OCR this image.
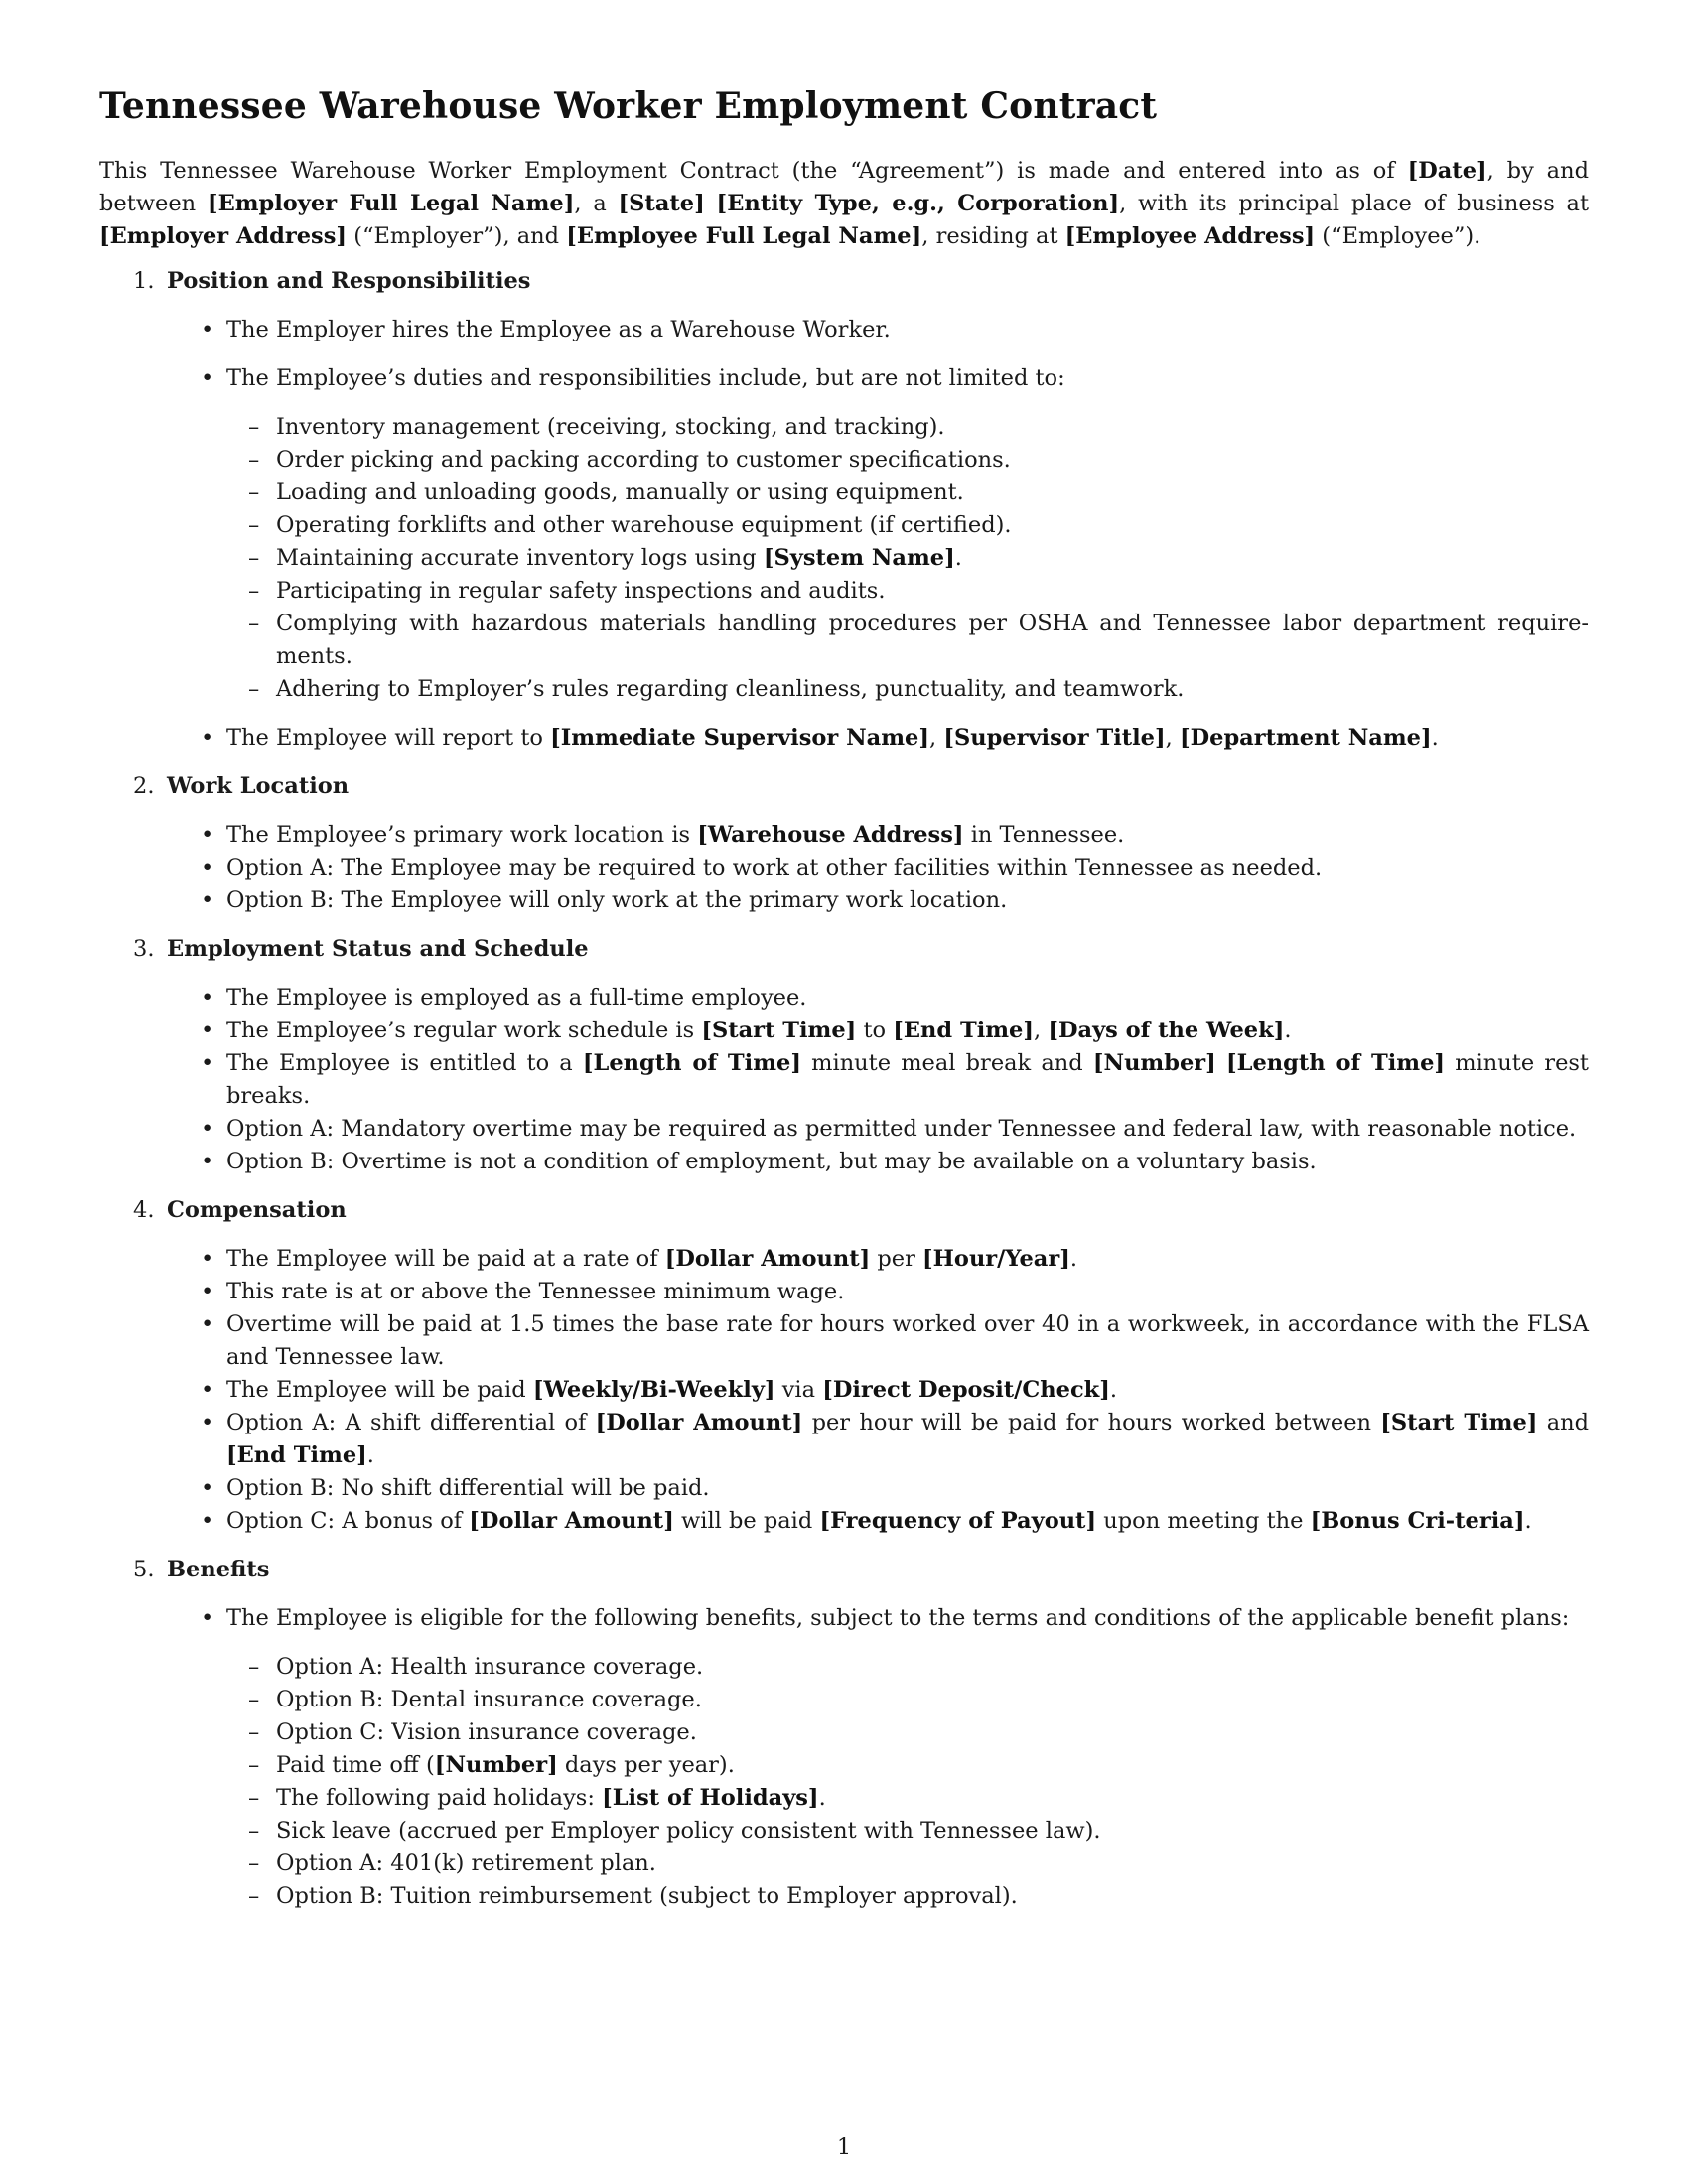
Tennessee Warehouse Worker Employment Contract

This Tennessee Warehouse Worker Employment Contract (the “Agreement”) is made and entered into as of [Date], by and between [Employer Full Legal Name], a [State] [Entity Type, e.g., Corporation], with its principal place of business at [Employer Address] (“Employer”), and [Employee Full Legal Name], residing at [Employee Address] (“Employee”).

Position and Responsibilities
• The Employer hires the Employee as a Warehouse Worker.
• The Employee’s duties and responsibilities include, but are not limited to:
– Inventory management (receiving, stocking, and tracking).
– Order picking and packing according to customer specifications.
– Loading and unloading goods, manually or using equipment.
– Operating forklifts and other warehouse equipment (if certified).
– Maintaining accurate inventory logs using [System Name].
– Participating in regular safety inspections and audits.
– Complying with hazardous materials handling procedures per OSHA and Tennessee labor department require-ments.
– Adhering to Employer’s rules regarding cleanliness, punctuality, and teamwork.
• The Employee will report to [Immediate Supervisor Name], [Supervisor Title], [Department Name].
Work Location
• The Employee’s primary work location is [Warehouse Address] in Tennessee.
• Option A: The Employee may be required to work at other facilities within Tennessee as needed.
• Option B: The Employee will only work at the primary work location.
Employment Status and Schedule
• The Employee is employed as a full-time employee.
• The Employee’s regular work schedule is [Start Time] to [End Time], [Days of the Week].
• The Employee is entitled to a [Length of Time] minute meal break and [Number] [Length of Time] minute rest breaks.
• Option A: Mandatory overtime may be required as permitted under Tennessee and federal law, with reasonable notice.
• Option B: Overtime is not a condition of employment, but may be available on a voluntary basis.
Compensation
• The Employee will be paid at a rate of [Dollar Amount] per [Hour/Year].
• This rate is at or above the Tennessee minimum wage.
• Overtime will be paid at 1.5 times the base rate for hours worked over 40 in a workweek, in accordance with the FLSA and Tennessee law.
• The Employee will be paid [Weekly/Bi-Weekly] via [Direct Deposit/Check].
• Option A: A shift differential of [Dollar Amount] per hour will be paid for hours worked between [Start Time] and [End Time].
• Option B: No shift differential will be paid.
• Option C: A bonus of [Dollar Amount] will be paid [Frequency of Payout] upon meeting the [Bonus Cri-teria].
Benefits
• The Employee is eligible for the following benefits, subject to the terms and conditions of the applicable benefit plans:
– Option A: Health insurance coverage.
– Option B: Dental insurance coverage.
– Option C: Vision insurance coverage.
– Paid time off ([Number] days per year).
– The following paid holidays: [List of Holidays].
– Sick leave (accrued per Employer policy consistent with Tennessee law).
– Option A: 401(k) retirement plan.
– Option B: Tuition reimbursement (subject to Employer approval).
1
